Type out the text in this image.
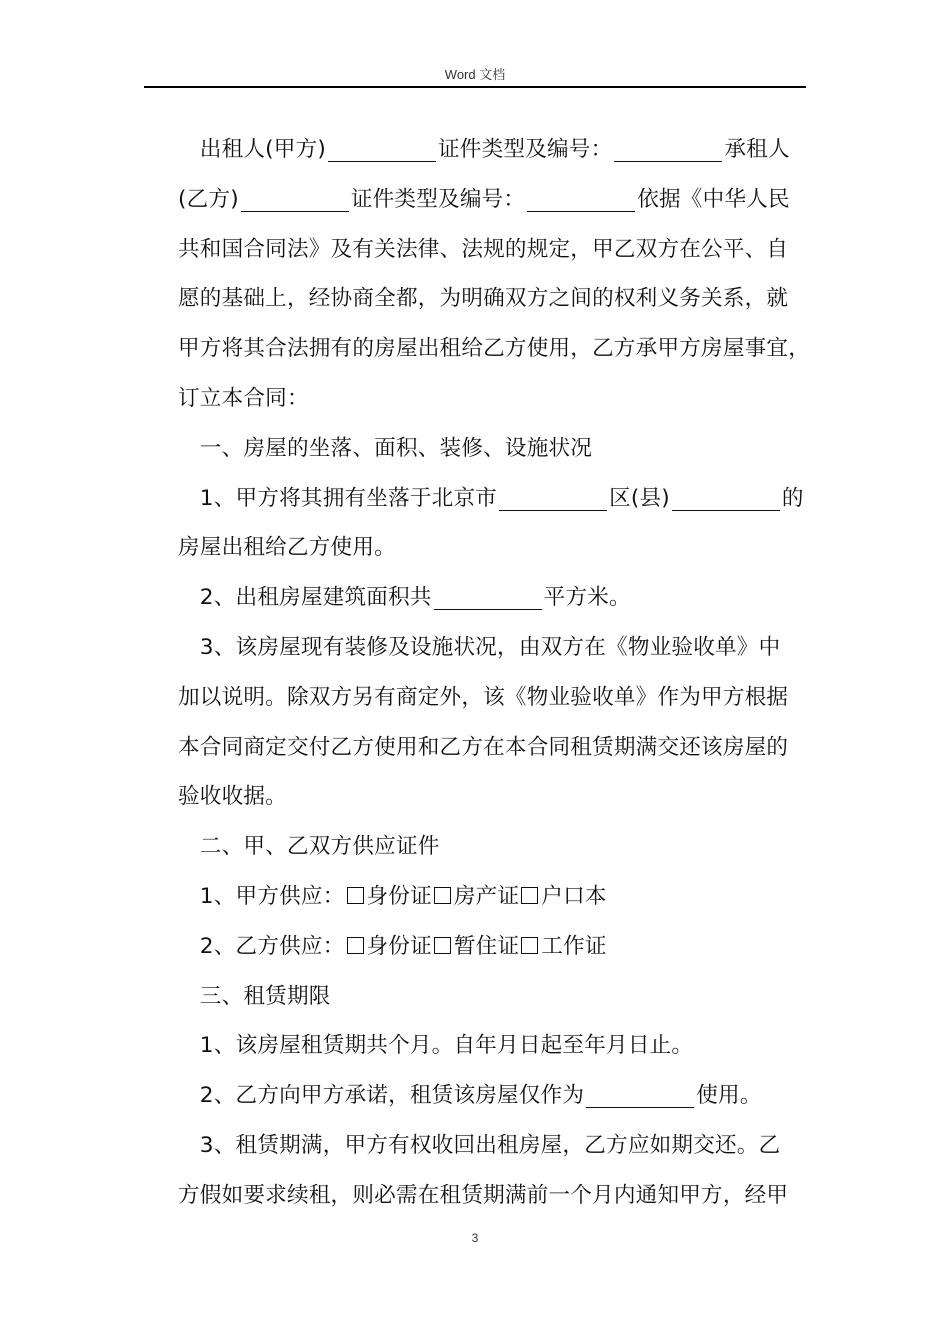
Word 文档
　出租人(甲方)	证件类型及编号：	承租人
(乙方)	证件类型及编号：	依据《中华人民
共和国合同法》及有关法律、法规的规定，甲乙双方在公平、自
愿的基础上，经协商全都，为明确双方之间的权利义务关系，就
甲方将其合法拥有的房屋出租给乙方使用，乙方承甲方房屋事宜，
订立本合同：
　一、房屋的坐落、面积、装修、设施状况
　1、甲方将其拥有坐落于北京市	区(县)	的
房屋出租给乙方使用。
　2、出租房屋建筑面积共	平方米。
　3、该房屋现有装修及设施状况，由双方在《物业验收单》中
加以说明。除双方另有商定外，该《物业验收单》作为甲方根据
本合同商定交付乙方使用和乙方在本合同租赁期满交还该房屋的
验收收据。
　二、甲、乙双方供应证件
　1、甲方供应： 身份证 房产证 户口本
　2、乙方供应： 身份证 暂住证 工作证
　三、租赁期限
　1、该房屋租赁期共个月。自年月日起至年月日止。
　2、乙方向甲方承诺，租赁该房屋仅作为	使用。
　3、租赁期满，甲方有权收回出租房屋，乙方应如期交还。乙
方假如要求续租，则必需在租赁期满前一个月内通知甲方，经甲
3
